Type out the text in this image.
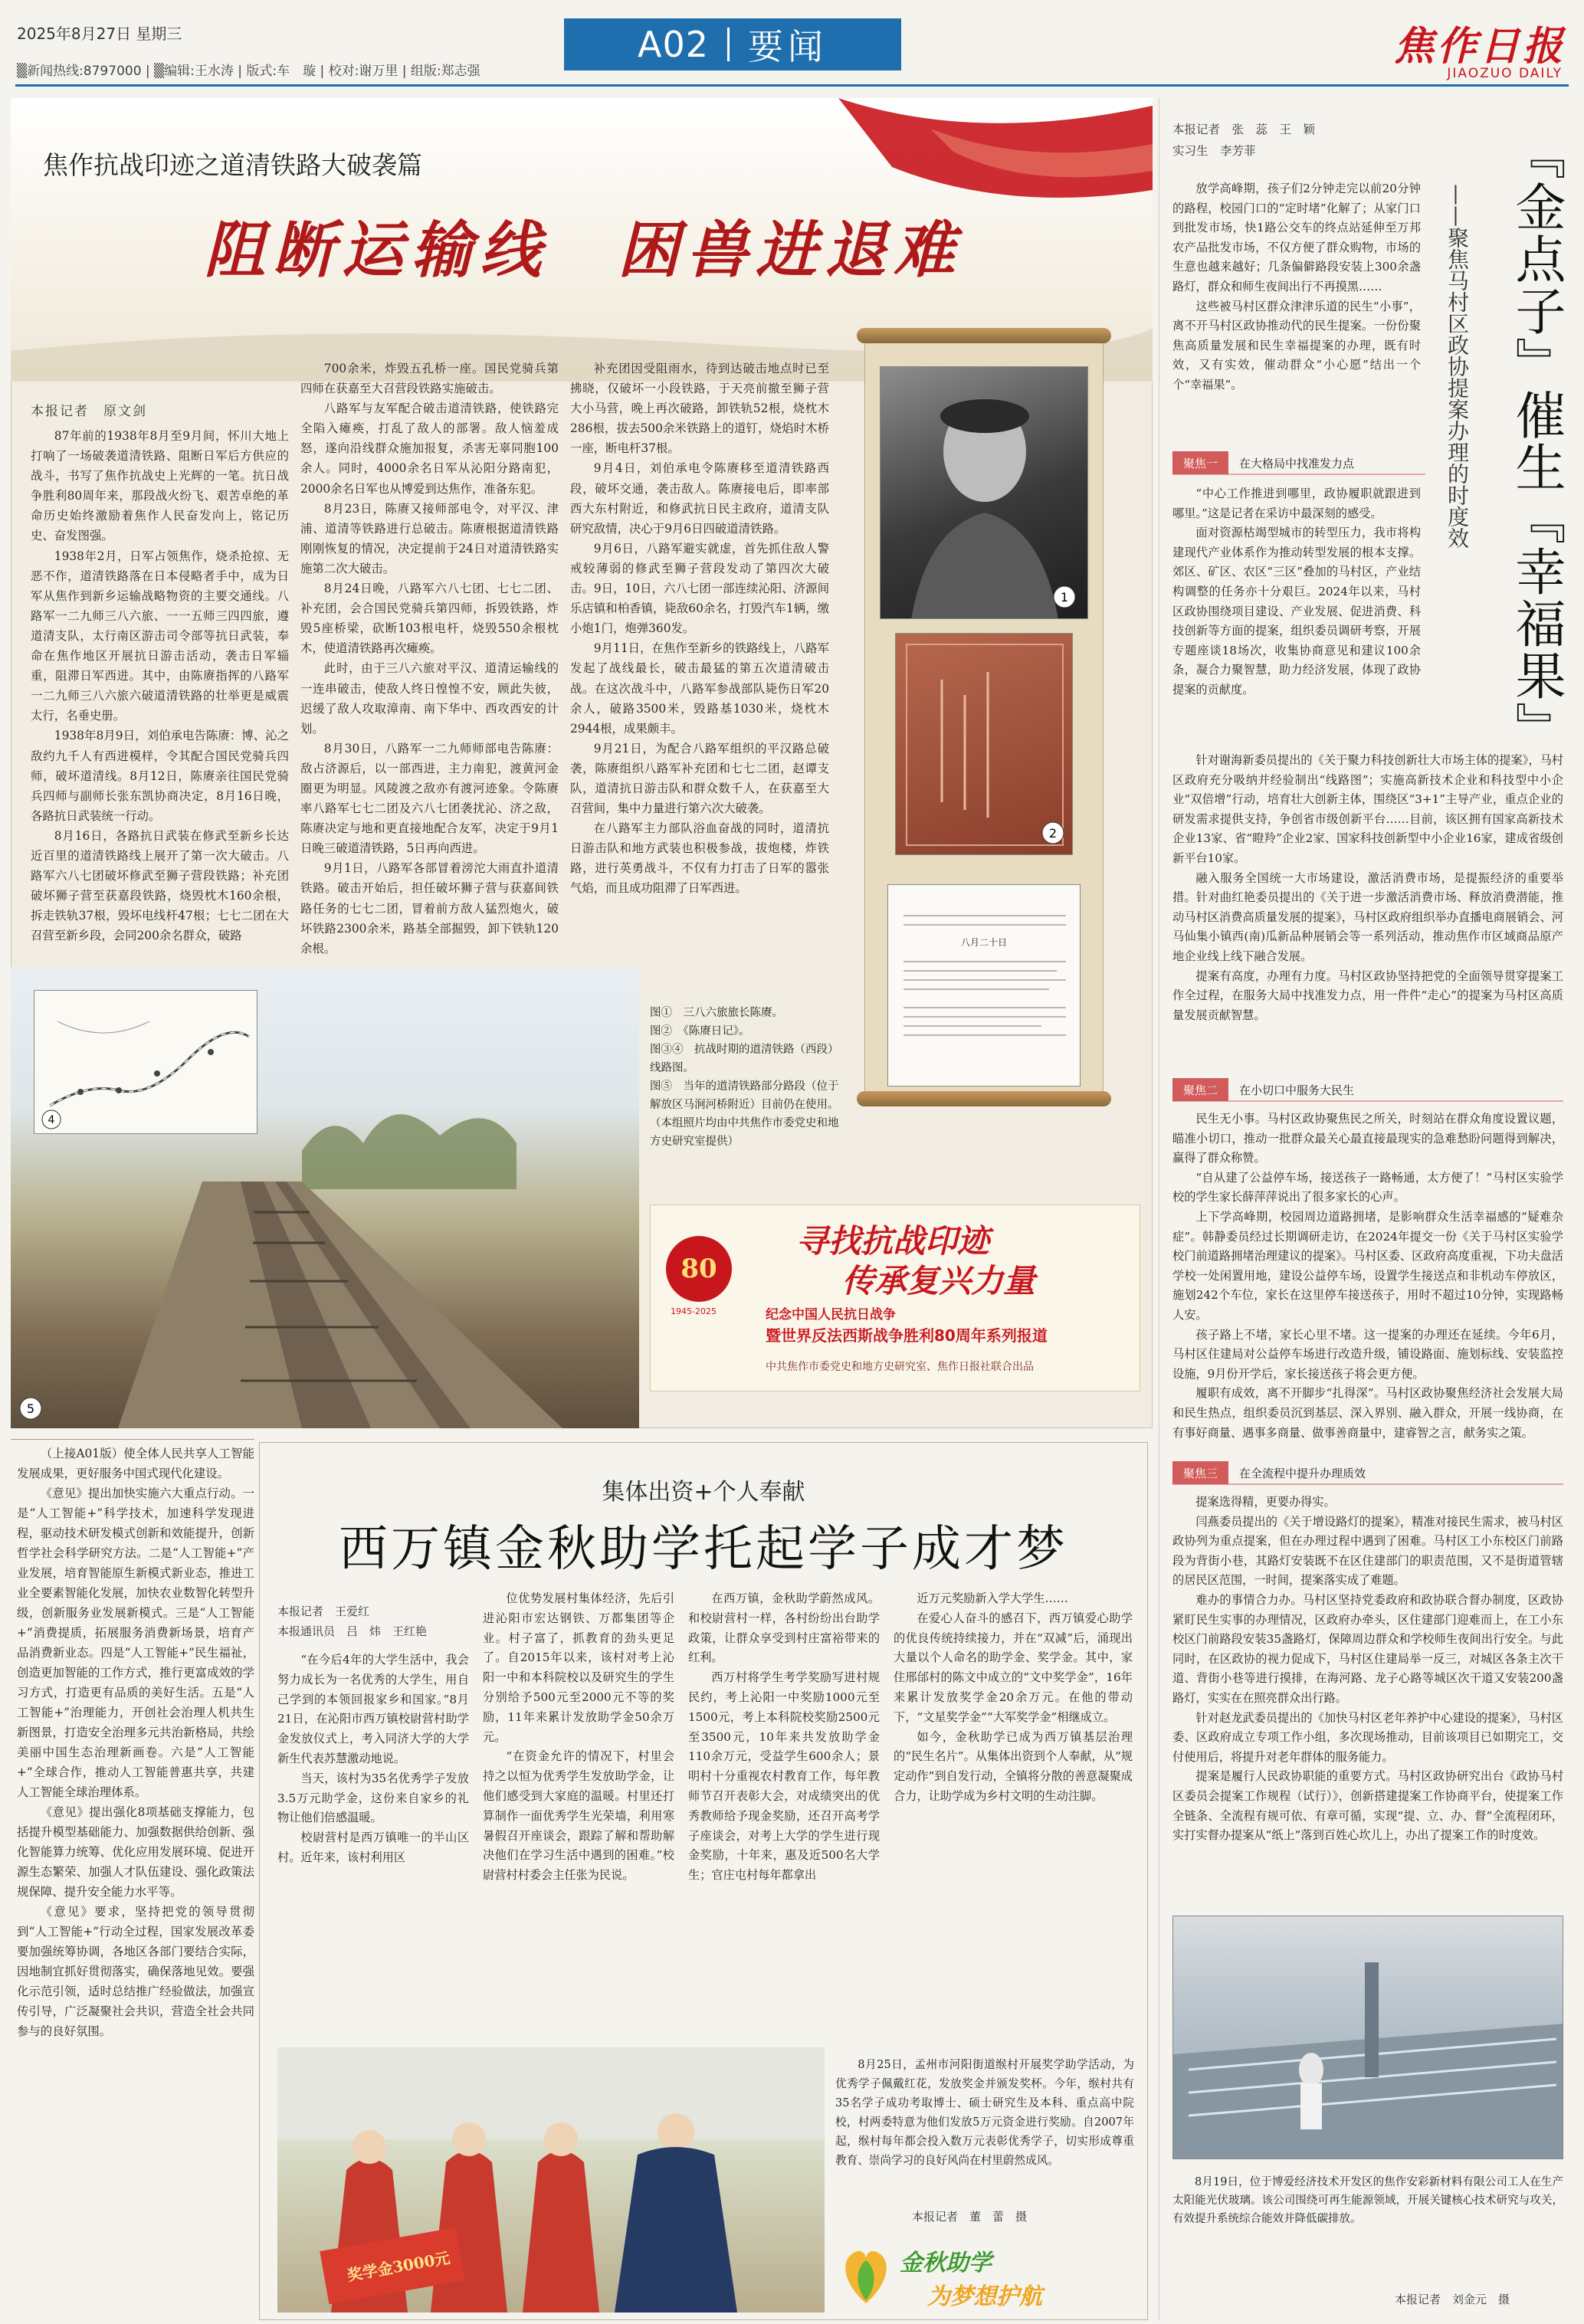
2025年8月27日 星期三
▒新闻热线:8797000 | ▒编辑:王水涛 | 版式:车　璇 | 校对:谢万里 | 组版:郑志强
A02 要闻	焦作日报
JIAOZUO DAILY
焦作抗战印迹之道清铁路大破袭篇
阻断运输线　困兽进退难
本报记者　原文剑

87年前的1938年8月至9月间，怀川大地上打响了一场破袭道清铁路、阻断日军后方供应的战斗，书写了焦作抗战史上光辉的一笔。抗日战争胜利80周年来，那段战火纷飞、艰苦卓绝的革命历史始终激励着焦作人民奋发向上，铭记历史、奋发图强。

1938年2月，日军占领焦作，烧杀抢掠、无恶不作，道清铁路落在日本侵略者手中，成为日军从焦作到新乡运输战略物资的主要交通线。八路军一二九师三八六旅、一一五师三四四旅，遵道清支队，太行南区游击司令部等抗日武装，奉命在焦作地区开展抗日游击活动，袭击日军辎重，阻滞日军西进。其中，由陈赓指挥的八路军一二九师三八六旅六破道清铁路的壮举更是威震太行，名垂史册。

1938年8月9日，刘伯承电告陈赓：博、沁之敌约九千人有西进模样，令其配合国民党骑兵四师，破坏道清线。8月12日，陈赓亲往国民党骑兵四师与副师长张东凯协商决定，8月16日晚，各路抗日武装统一行动。

8月16日，各路抗日武装在修武至新乡长达近百里的道清铁路线上展开了第一次大破击。八路军六八七团破坏修武至狮子营段铁路；补充团破坏狮子营至获嘉段铁路，烧毁枕木160余根，拆走铁轨37根，毁坏电线杆47根；七七二团在大召营至新乡段，会同200余名群众，破路

700余米，炸毁五孔桥一座。国民党骑兵第四师在获嘉至大召营段铁路实施破击。

八路军与友军配合破击道清铁路，使铁路完全陷入瘫痪，打乱了敌人的部署。敌人恼羞成怒，遂向沿线群众施加报复，杀害无辜同胞100余人。同时，4000余名日军从沁阳分路南犯，2000余名日军也从博爱到达焦作，准备东犯。

8月23日，陈赓又接师部电令，对平汉、津浦、道清等铁路进行总破击。陈赓根据道清铁路刚刚恢复的情况，决定提前于24日对道清铁路实施第二次大破击。

8月24日晚，八路军六八七团、七七二团、补充团，会合国民党骑兵第四师，拆毁铁路，炸毁5座桥梁，砍断103根电杆，烧毁550余根枕木，使道清铁路再次瘫痪。

此时，由于三八六旅对平汉、道清运输线的一连串破击，使敌人终日惶惶不安，顾此失彼，迟缓了敌人攻取漳南、南下华中、西攻西安的计划。

8月30日，八路军一二九师师部电告陈赓：敌占济源后，以一部西进，主力南犯，渡黄河金圈更为明显。风陵渡之敌亦有渡河迹象。令陈赓率八路军七七二团及六八七团袭扰沁、济之敌，陈赓决定与地和更直接地配合友军，决定于9月1日晚三破道清铁路，5日再向西进。

9月1日，八路军各部冒着滂沱大雨直扑道清铁路。破击开始后，担任破坏狮子营与获嘉间铁路任务的七七二团，冒着前方敌人猛烈炮火，破坏铁路2300余米，路基全部掘毁，卸下铁轨120余根。

补充团因受阻雨水，待到达破击地点时已至拂晓，仅破坏一小段铁路，于天亮前撤至狮子营大小马营，晚上再次破路，卸铁轨52根，烧枕木286根，拔去500余米铁路上的道钉，烧焰时木桥一座，断电杆37根。

9月4日，刘伯承电令陈赓移至道清铁路西段，破坏交通，袭击敌人。陈赓接电后，即率部西大东村附近，和修武抗日民主政府，道清支队研究敌情，决心于9月6日四破道清铁路。

9月6日，八路军避实就虚，首先抓住敌人警戒较薄弱的修武至狮子营段发动了第四次大破击。9日，10日，六八七团一部连续沁阳、济源间乐店镇和柏香镇，毙敌60余名，打毁汽车1辆，缴小炮1门，炮弹360发。

9月11日，在焦作至新乡的铁路线上，八路军发起了战线最长，破击最猛的第五次道清破击战。在这次战斗中，八路军参战部队毙伤日军20余人，破路3500米，毁路基1030米，烧枕木2944根，成果颇丰。

9月21日，为配合八路军组织的平汉路总破袭，陈赓组织八路军补充团和七七二团，赵谭支队，道清抗日游击队和群众数千人，在获嘉至大召营间，集中力量进行第六次大破袭。

在八路军主力部队浴血奋战的同时，道清抗日游击队和地方武装也积极参战，拔炮楼，炸铁路，进行英勇战斗，不仅有力打击了日军的嚣张气焰，而且成功阻滞了日军西进。

1
2
八月二十日
5
4
图①　三八六旅旅长陈赓。
图②　《陈赓日记》。
图③④　抗战时期的道清铁路（西段）线路图。
图⑤　当年的道清铁路部分路段（位于解放区马涧河桥附近）目前仍在使用。
（本组照片均由中共焦作市委党史和地方史研究室提供）
80
1945-2025
寻找抗战印迹
传承复兴力量
纪念中国人民抗日战争
暨世界反法西斯战争胜利80周年系列报道
中共焦作市委党史和地方史研究室、焦作日报社联合出品
本报记者　张　蕊　王　颖
实习生　李芳菲	『金点子』催生『幸福果』
——聚焦马村区政协提案办理的时度效

放学高峰期，孩子们2分钟走完以前20分钟的路程，校园门口的“定时堵”化解了；从家门口到批发市场，快1路公交车的终点站延伸至万邦农产品批发市场，不仅方便了群众购物，市场的生意也越来越好；几条偏僻路段安装上300余盏路灯，群众和师生夜间出行不再摸黑……

这些被马村区群众津津乐道的民生“小事”，离不开马村区政协推动代的民生提案。一份份聚焦高质量发展和民生幸福提案的办理，既有时效，又有实效，催动群众“小心愿”结出一个个“幸福果”。

聚焦一	在大格局中找准发力点

“中心工作推进到哪里，政协履职就跟进到哪里。”这是记者在采访中最深刻的感受。

面对资源枯竭型城市的转型压力，我市将构建现代产业体系作为推动转型发展的根本支撑。郊区、矿区、农区“三区”叠加的马村区，产业结构调整的任务亦十分艰巨。2024年以来，马村区政协围绕项目建设、产业发展、促进消费、科技创新等方面的提案，组织委员调研考察，开展专题座谈18场次，收集协商意见和建议100余条，凝合力聚智慧，助力经济发展，体现了政协提案的贡献度。

针对谢海新委员提出的《关于聚力科技创新壮大市场主体的提案》，马村区政府充分吸纳并经验制出“线路图”；实施高新技术企业和科技型中小企业“双倍增”行动，培育壮大创新主体，围绕区“3+1”主导产业，重点企业的研发需求提供支持，争创省市级创新平台……目前，该区拥有国家高新技术企业13家、省“瞪羚”企业2家、国家科技创新型中小企业16家，建成省级创新平台10家。

融入服务全国统一大市场建设，激活消费市场，是提振经济的重要举措。针对曲红艳委员提出的《关于进一步激活消费市场、释放消费潜能，推动马村区消费高质量发展的提案》，马村区政府组织举办直播电商展销会、河马仙集小镇西(南)瓜新品种展销会等一系列活动，推动焦作市区域商品原产地企业线上线下融合发展。

提案有高度，办理有力度。马村区政协坚持把党的全面领导贯穿提案工作全过程，在服务大局中找准发力点，用一件件“走心”的提案为马村区高质量发展贡献智慧。

聚焦二	在小切口中服务大民生

民生无小事。马村区政协聚焦民之所关，时刻站在群众角度设置议题，瞄准小切口，推动一批群众最关心最直接最现实的急难愁盼问题得到解决，赢得了群众称赞。

“自从建了公益停车场，接送孩子一路畅通，太方便了！”马村区实验学校的学生家长薛萍萍说出了很多家长的心声。

上下学高峰期，校园周边道路拥堵，是影响群众生活幸福感的“疑难杂症”。韩静委员经过长期调研走访，在2024年提交一份《关于马村区实验学校门前道路拥堵治理建议的提案》。马村区委、区政府高度重视，下功夫盘活学校一处闲置用地，建设公益停车场，设置学生接送点和非机动车停放区，施划242个车位，家长在这里停车接送孩子，用时不超过10分钟，实现路畅人安。

孩子路上不堵，家长心里不堵。这一提案的办理还在延续。今年6月，马村区住建局对公益停车场进行改造升级，铺设路面、施划标线、安装监控设施，9月份开学后，家长接送孩子将会更方便。

履职有成效，离不开脚步“扎得深”。马村区政协聚焦经济社会发展大局和民生热点，组织委员沉到基层、深入界别、融入群众，开展一线协商，在有事好商量、遇事多商量、做事善商量中，建睿智之言，献务实之策。

聚焦三	在全流程中提升办理质效

提案选得精，更要办得实。

闫燕委员提出的《关于增设路灯的提案》，精准对接民生需求，被马村区政协列为重点提案，但在办理过程中遇到了困难。马村区工小东校区门前路段为背街小巷，其路灯安装既不在区住建部门的职责范围，又不是街道管辖的居民区范围，一时间，提案落实成了难题。

难办的事情合力办。马村区坚持党委政府和政协联合督办制度，区政协紧盯民生实事的办理情况，区政府办牵头，区住建部门迎难而上，在工小东校区门前路段安装35盏路灯，保障周边群众和学校师生夜间出行安全。与此同时，在区政协的视力促成下，马村区住建局举一反三，对城区各条主次干道、背街小巷等进行摸排，在海河路、龙子心路等城区次干道又安装200盏路灯，实实在在照亮群众出行路。

针对赵龙武委员提出的《加快马村区老年养护中心建设的提案》，马村区委、区政府成立专项工作小组，多次现场推动，目前该项目已如期完工，交付使用后，将提升对老年群体的服务能力。

提案是履行人民政协职能的重要方式。马村区政协研究出台《政协马村区委员会提案工作规程（试行）》，创新搭建提案工作协商平台，使提案工作全链条、全流程有规可依、有章可循，实现“提、立、办、督”全流程闭环，实打实督办提案从“纸上”落到百姓心坎儿上，办出了提案工作的时度效。

8月19日，位于博爱经济技术开发区的焦作安彩新材料有限公司工人在生产太阳能光伏玻璃。该公司围绕可再生能源领域，开展关键核心技术研究与攻关，有效提升系统综合能效并降低碳排放。
本报记者　刘金元　摄

（上接A01版）使全体人民共享人工智能发展成果，更好服务中国式现代化建设。

《意见》提出加快实施六大重点行动。一是“人工智能+”科学技术，加速科学发现进程，驱动技术研发模式创新和效能提升，创新哲学社会科学研究方法。二是“人工智能+”产业发展，培育智能原生新模式新业态，推进工业全要素智能化发展，加快农业数智化转型升级，创新服务业发展新模式。三是“人工智能+”消费提质，拓展服务消费新场景，培育产品消费新业态。四是“人工智能+”民生福祉，创造更加智能的工作方式，推行更富成效的学习方式，打造更有品质的美好生活。五是“人工智能+”治理能力，开创社会治理人机共生新图景，打造安全治理多元共治新格局，共绘美丽中国生态治理新画卷。六是“人工智能+”全球合作，推动人工智能普惠共享，共建人工智能全球治理体系。

《意见》提出强化8项基础支撑能力，包括提升模型基础能力、加强数据供给创新、强化智能算力统筹、优化应用发展环境、促进开源生态繁荣、加强人才队伍建设、强化政策法规保障、提升安全能力水平等。

《意见》要求，坚持把党的领导贯彻到“人工智能+”行动全过程，国家发展改革委要加强统筹协调，各地区各部门要结合实际，因地制宜抓好贯彻落实，确保落地见效。要强化示范引领，适时总结推广经验做法，加强宣传引导，广泛凝聚社会共识，营造全社会共同参与的良好氛围。

集体出资+个人奉献
西万镇金秋助学托起学子成才梦
本报记者　王爱红
本报通讯员　吕　炜　王红艳

“在今后4年的大学生活中，我会努力成长为一名优秀的大学生，用自己学到的本领回报家乡和国家。”8月21日，在沁阳市西万镇校尉营村助学金发放仪式上，考入同济大学的大学新生代表苏慧激动地说。

当天，该村为35名优秀学子发放3.5万元助学金，这份来自家乡的礼物让他们倍感温暖。

校尉营村是西万镇唯一的半山区村。近年来，该村利用区

位优势发展村集体经济，先后引进沁阳市宏达钢铁、万都集团等企业。村子富了，抓教育的劲头更足了。自2015年以来，该村对考上沁阳一中和本科院校以及研究生的学生分别给予500元至2000元不等的奖励，11年来累计发放助学金50余万元。

“在资金允许的情况下，村里会持之以恒为优秀学生发放助学金，让他们感受到大家庭的温暖。村里还打算制作一面优秀学生光荣墙，利用寒暑假召开座谈会，跟踪了解和帮助解决他们在学习生活中遇到的困难。”校尉营村村委会主任张为民说。

在西万镇，金秋助学蔚然成风。和校尉营村一样，各村纷纷出台助学政策，让群众享受到村庄富裕带来的红利。

西万村将学生考学奖励写进村规民约，考上沁阳一中奖励1000元至1500元，考上本科院校奖励2500元至3500元，10年来共发放助学金110余万元，受益学生600余人；景明村十分重视农村教育工作，每年教师节召开表彰大会，对成绩突出的优秀教师给予现金奖励，还召开高考学子座谈会，对考上大学的学生进行现金奖励，十年来，惠及近500名大学生；官庄屯村每年都拿出

近万元奖励新入学大学生……

在爱心人奋斗的感召下，西万镇爱心助学的优良传统持续接力，并在“双减”后，涌现出大量以个人命名的助学金、奖学金。其中，家住邢邰村的陈文中成立的“文中奖学金”，16年来累计发放奖学金20余万元。在他的带动下，“文星奖学金”“大军奖学金”相继成立。

如今，金秋助学已成为西万镇基层治理的“民生名片”。从集体出资到个人奉献，从“规定动作”到自发行动，全镇将分散的善意凝聚成合力，让助学成为乡村文明的生动注脚。

奖学金3000元
8月25日，孟州市河阳街道缑村开展奖学助学活动，为优秀学子佩戴红花，发放奖金并颁发奖杯。今年，缑村共有35名学子成功考取博士、硕士研究生及本科、重点高中院校，村两委特意为他们发放5万元资金进行奖励。自2007年起，缑村每年都会投入数万元表彰优秀学子，切实形成尊重教育、崇尚学习的良好风尚在村里蔚然成风。
本报记者　董　蕾　摄
金秋助学
为梦想护航
